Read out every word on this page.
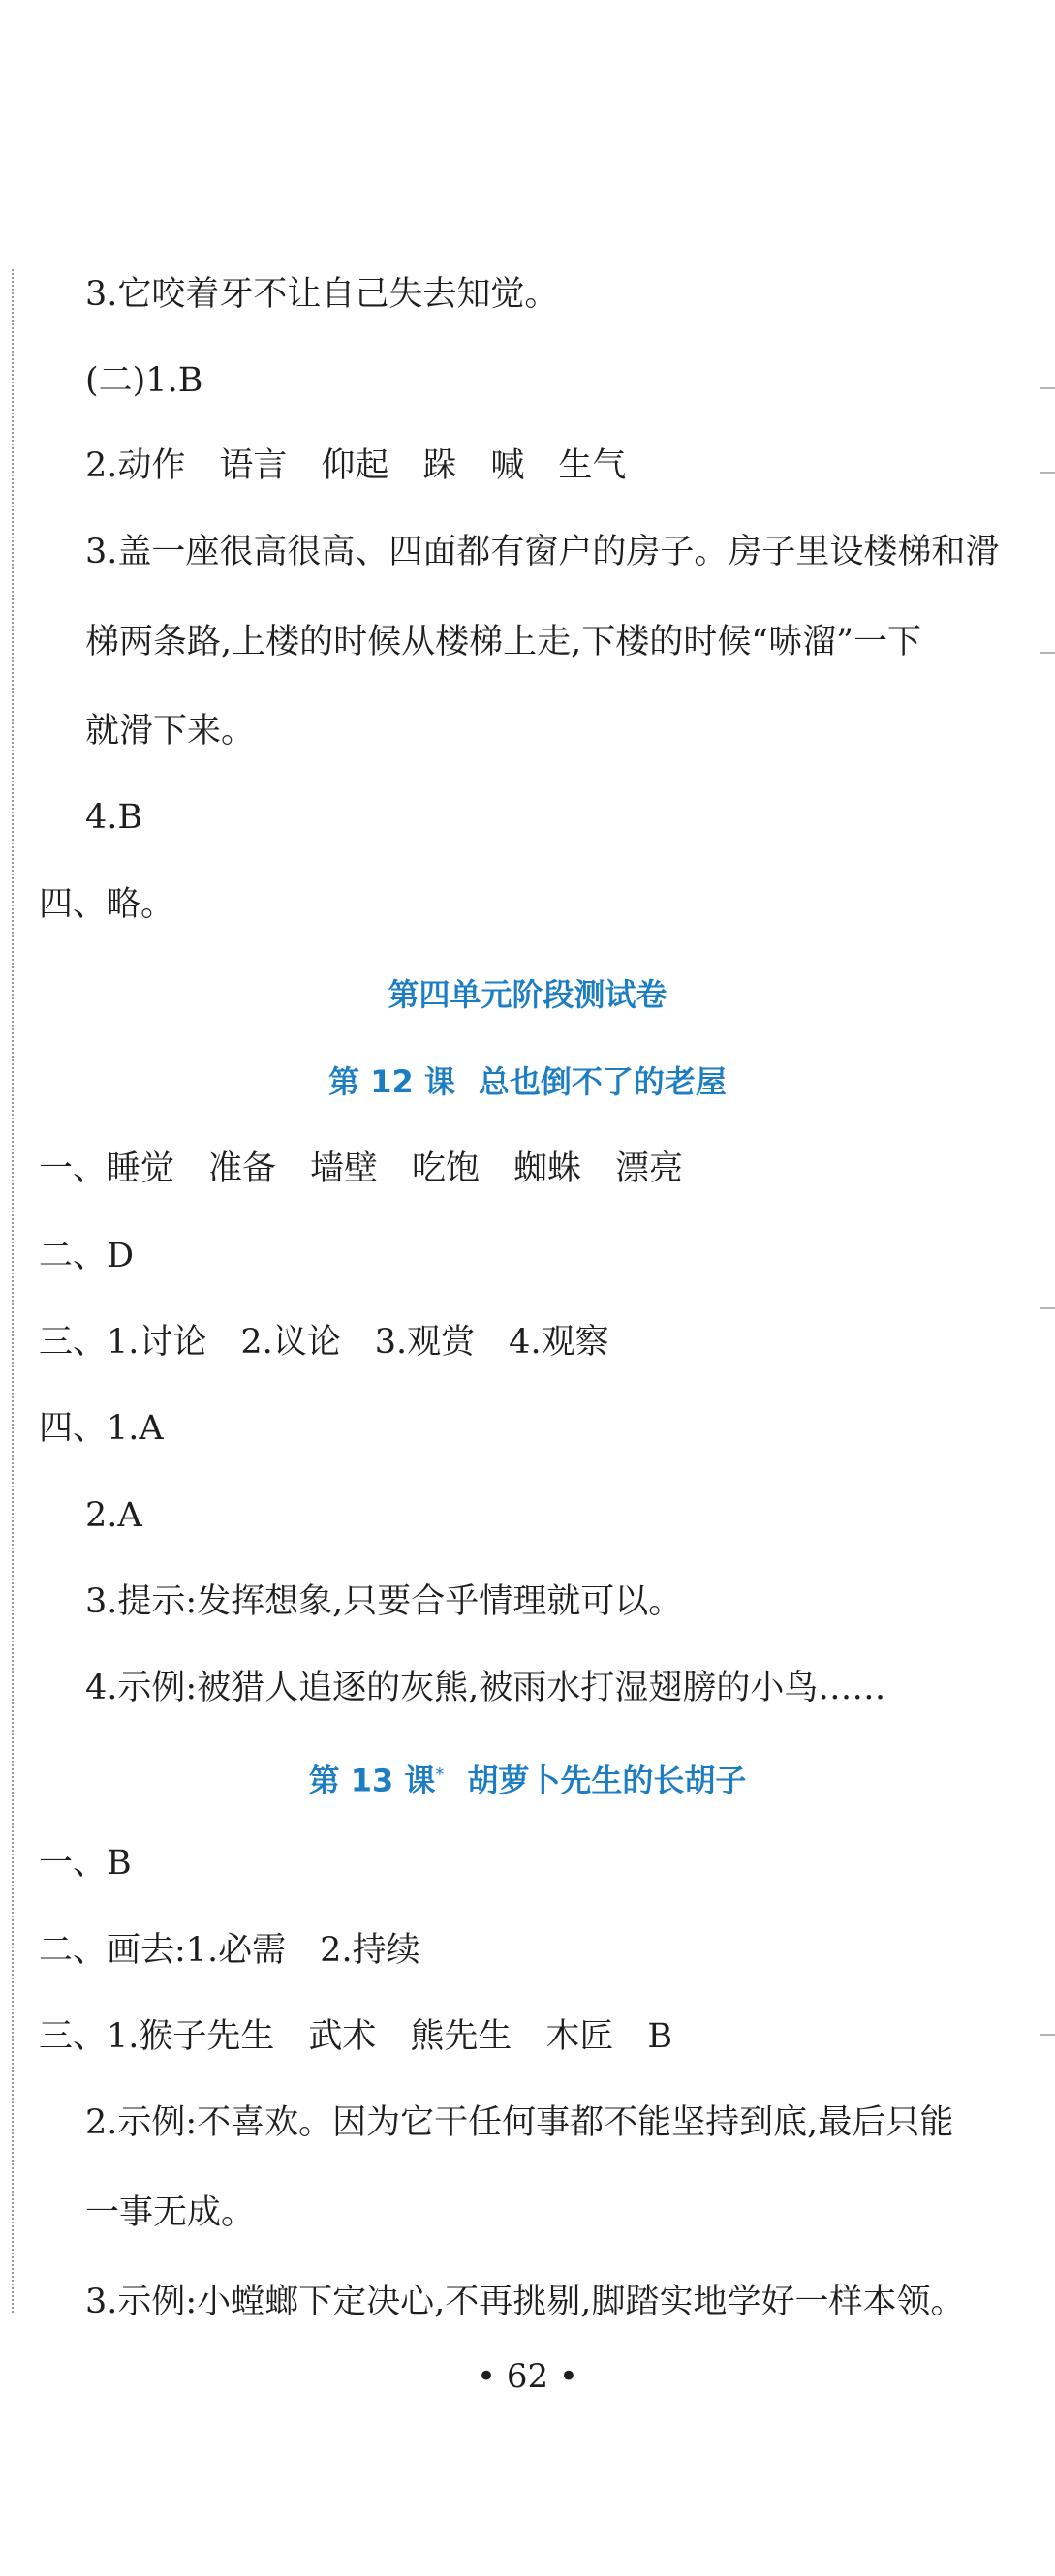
3.它咬着牙不让自己失去知觉。
(二)1.B
2.动作　语言　仰起　跺　喊　生气
3.盖一座很高很高、四面都有窗户的房子。房子里设楼梯和滑
梯两条路,上楼的时候从楼梯上走,下楼的时候“哧溜”一下
就滑下来。
4.B
四、略。
第四单元阶段测试卷
第 12 课 总也倒不了的老屋
一、睡觉　准备　墙壁　吃饱　蜘蛛　漂亮
二、D
三、1.讨论　2.议论　3.观赏　4.观察
四、1.A
2.A
3.提示:发挥想象,只要合乎情理就可以。
4.示例:被猎人追逐的灰熊,被雨水打湿翅膀的小鸟……
第 13 课* 胡萝卜先生的长胡子
一、B
二、画去:1.必需　2.持续
三、1.猴子先生　武术　熊先生　木匠　B
2.示例:不喜欢。因为它干任何事都不能坚持到底,最后只能
一事无成。
3.示例:小螳螂下定决心,不再挑剔,脚踏实地学好一样本领。
• 62 •
